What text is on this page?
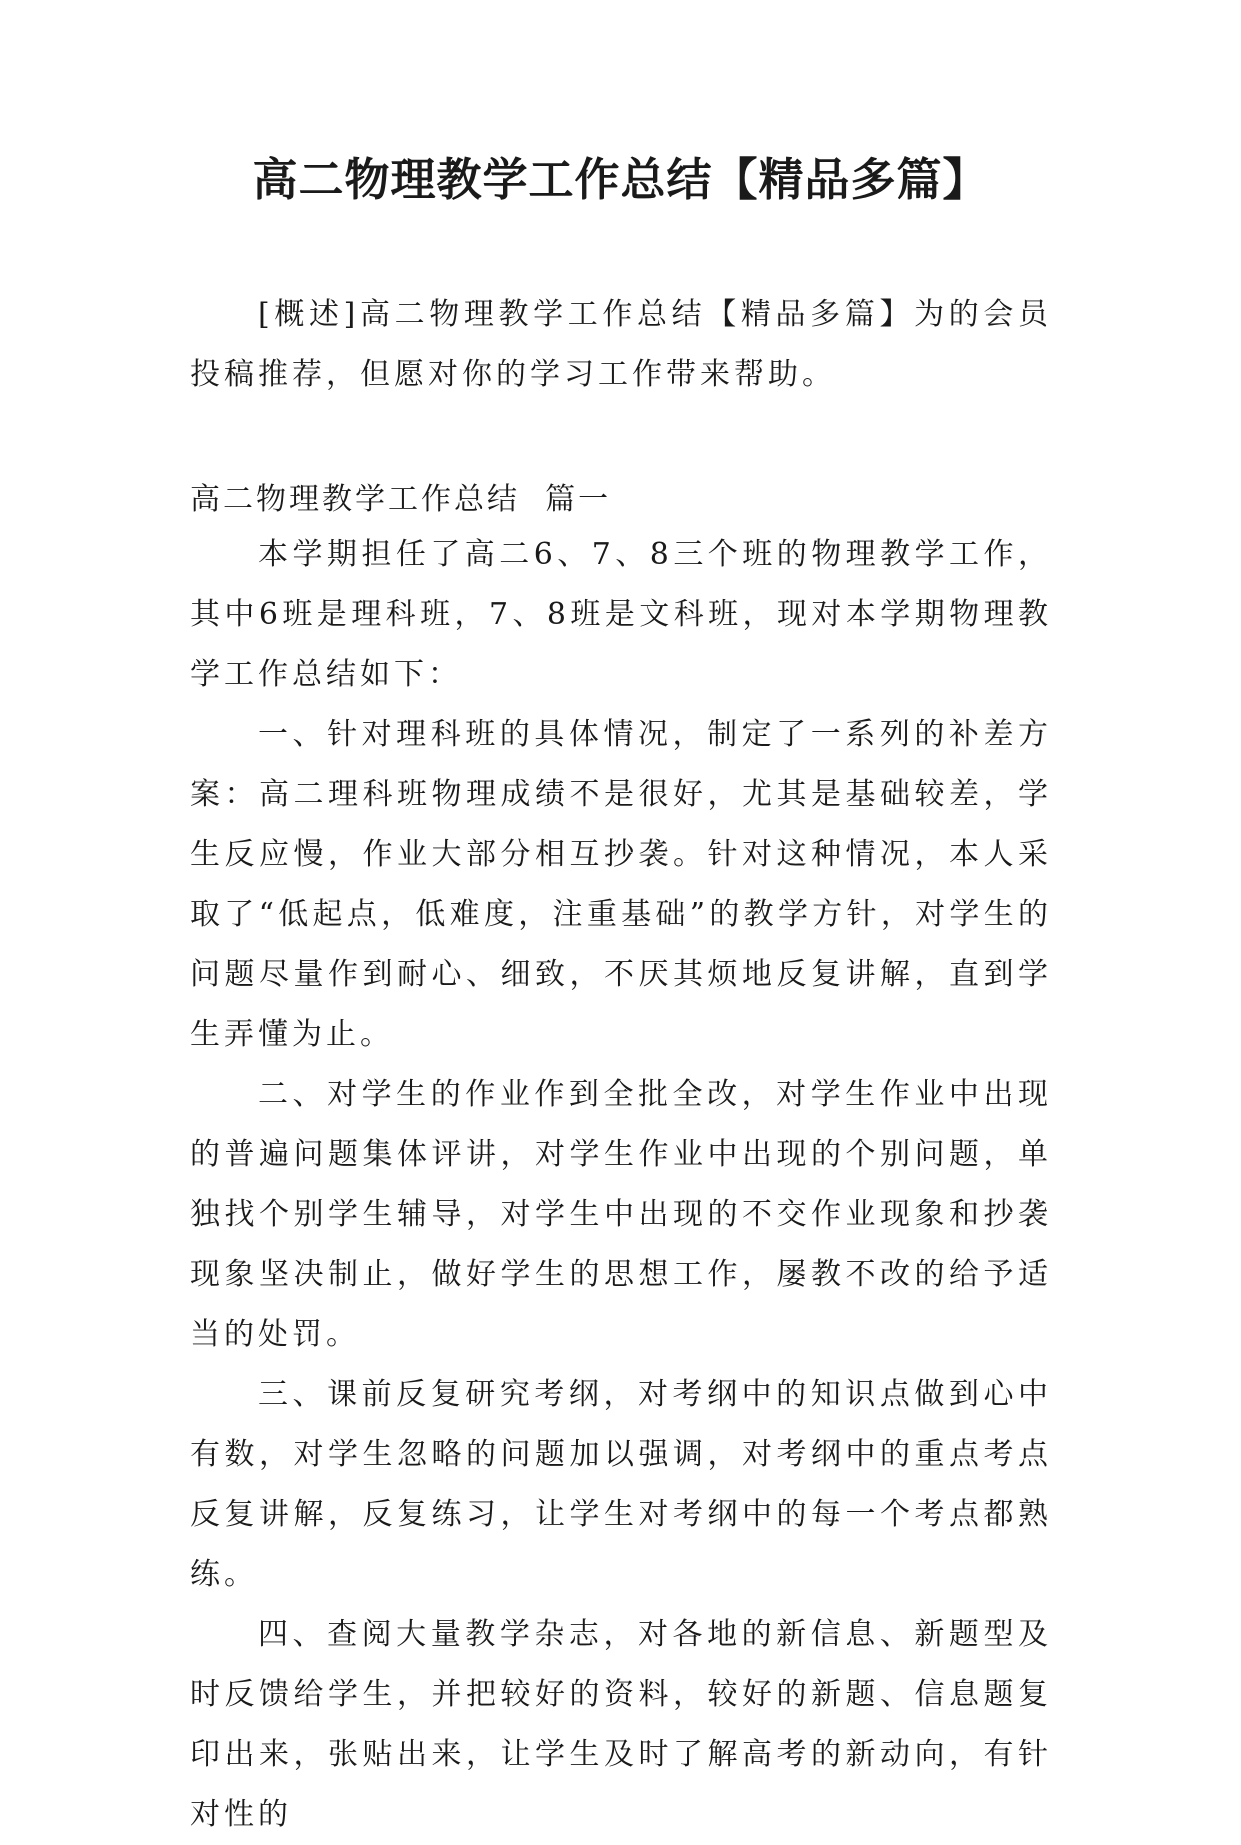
高二物理教学工作总结【精品多篇】

[概述]高二物理教学工作总结【精品多篇】为的会员投稿推荐，但愿对你的学习工作带来帮助。

高二物理教学工作总结  篇一

本学期担任了高二6、7、8三个班的物理教学工作，其中6班是理科班，7、8班是文科班，现对本学期物理教学工作总结如下：

一、针对理科班的具体情况，制定了一系列的补差方案：高二理科班物理成绩不是很好，尤其是基础较差，学生反应慢，作业大部分相互抄袭。针对这种情况，本人采取了“低起点，低难度，注重基础”的教学方针，对学生的问题尽量作到耐心、细致，不厌其烦地反复讲解，直到学生弄懂为止。

二、对学生的作业作到全批全改，对学生作业中出现的普遍问题集体评讲，对学生作业中出现的个别问题，单独找个别学生辅导，对学生中出现的不交作业现象和抄袭现象坚决制止，做好学生的思想工作，屡教不改的给予适当的处罚。

三、课前反复研究考纲，对考纲中的知识点做到心中有数，对学生忽略的问题加以强调，对考纲中的重点考点反复讲解，反复练习，让学生对考纲中的每一个考点都熟练。

四、查阅大量教学杂志，对各地的新信息、新题型及时反馈给学生，并把较好的资料，较好的新题、信息题复印出来，张贴出来，让学生及时了解高考的新动向，有针对性的
